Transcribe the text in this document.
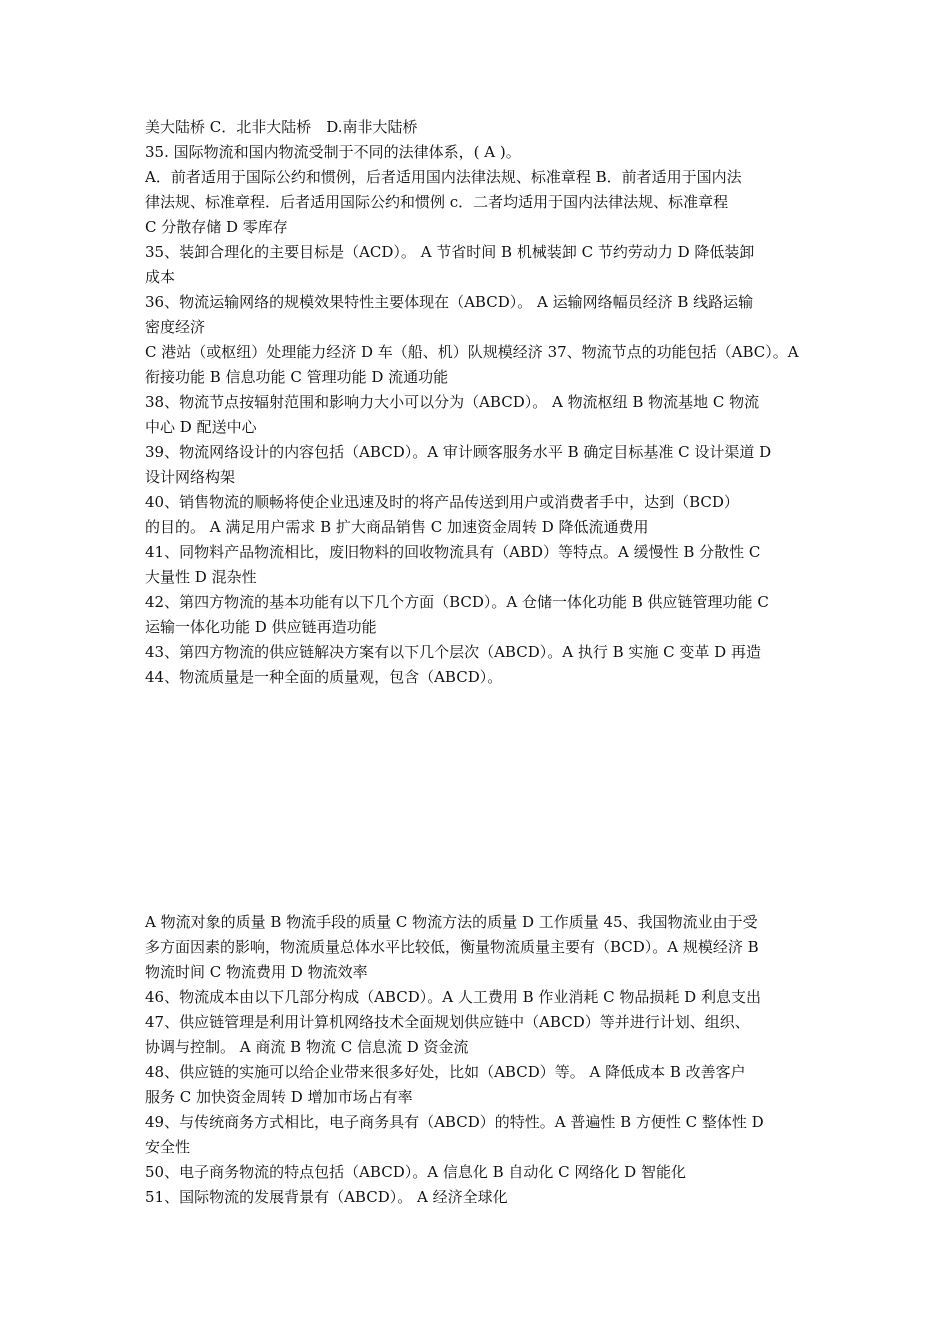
美大陆桥 C．北非大陆桥　D.南非大陆桥
35. 国际物流和国内物流受制于不同的法律体系，( A )。
A．前者适用于国际公约和惯例，后者适用国内法律法规、标准章程 B．前者适用于国内法
律法规、标准章程．后者适用国际公约和惯例 c．二者均适用于国内法律法规、标准章程
C 分散存储 D 零库存
35、装卸合理化的主要目标是（ACD）。 A 节省时间 B 机械装卸 C 节约劳动力 D 降低装卸
成本
36、物流运输网络的规模效果特性主要体现在（ABCD）。 A 运输网络幅员经济 B 线路运输
密度经济
C 港站（或枢纽）处理能力经济 D 车（船、机）队规模经济 37、物流节点的功能包括（ABC）。A
衔接功能 B 信息功能 C 管理功能 D 流通功能
38、物流节点按辐射范围和影响力大小可以分为（ABCD）。 A 物流枢纽 B 物流基地 C 物流
中心 D 配送中心
39、物流网络设计的内容包括（ABCD）。A 审计顾客服务水平 B 确定目标基准 C 设计渠道 D
设计网络构架
40、销售物流的顺畅将使企业迅速及时的将产品传送到用户或消费者手中，达到（BCD）
的目的。 A 满足用户需求 B 扩大商品销售 C 加速资金周转 D 降低流通费用
41、同物料产品物流相比，废旧物料的回收物流具有（ABD）等特点。A 缓慢性 B 分散性 C
大量性 D 混杂性
42、第四方物流的基本功能有以下几个方面（BCD）。A 仓储一体化功能 B 供应链管理功能 C
运输一体化功能 D 供应链再造功能
43、第四方物流的供应链解决方案有以下几个层次（ABCD）。A 执行 B 实施 C 变革 D 再造
44、物流质量是一种全面的质量观，包含（ABCD）。
A 物流对象的质量 B 物流手段的质量 C 物流方法的质量 D 工作质量 45、我国物流业由于受
多方面因素的影响，物流质量总体水平比较低，衡量物流质量主要有（BCD）。A 规模经济 B
物流时间 C 物流费用 D 物流效率
46、物流成本由以下几部分构成（ABCD）。A 人工费用 B 作业消耗 C 物品损耗 D 利息支出
47、供应链管理是利用计算机网络技术全面规划供应链中（ABCD）等并进行计划、组织、
协调与控制。 A 商流 B 物流 C 信息流 D 资金流
48、供应链的实施可以给企业带来很多好处，比如（ABCD）等。 A 降低成本 B 改善客户
服务 C 加快资金周转 D 增加市场占有率
49、与传统商务方式相比，电子商务具有（ABCD）的特性。A 普遍性 B 方便性 C 整体性 D
安全性
50、电子商务物流的特点包括（ABCD）。A 信息化 B 自动化 C 网络化 D 智能化
51、国际物流的发展背景有（ABCD）。 A 经济全球化
